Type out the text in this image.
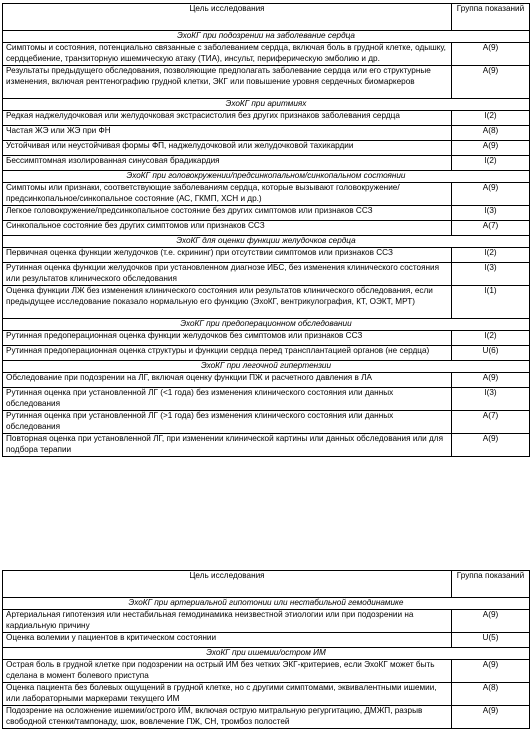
Цель исследования	Группа показаний
ЭхоКГ при подозрении на заболевание сердца	
Симптомы и состояния, потенциально связанные с заболеванием сердца, включая боль в грудной клетке, одышку, сердцебиение, транзиторную ишемическую атаку (ТИА), инсульт, периферическую эмболию и др.	A(9)
Результаты предыдущего обследования, позволяющие предполагать заболевание сердца или его структурные изменения, включая рентгенографию грудной клетки, ЭКГ или повышение уровня сердечных биомаркеров	A(9)
ЭхоКГ при аритмиях	
Редкая наджелудочковая или желудочковая экстрасистолия без других признаков заболевания сердца	I(2)
Частая ЖЭ или ЖЭ при ФН	A(8)
Устойчивая или неустойчивая формы ФП, наджелудочковой или желудочковой тахикардии	A(9)
Бессимптомная изолированная синусовая брадикардия	I(2)
ЭхоКГ при головокружении/предсинкопальном/синкопальном состоянии	
Симптомы или признаки, соответствующие заболеваниям сердца, которые вызывают головокружение/предсинкопальное/синкопальное состояние (АС, ГКМП, ХСН и др.)	A(9)
Легкое головокружение/предсинкопальное состояние без других симптомов или признаков ССЗ	I(3)
Синкопальное состояние без других симптомов или признаков ССЗ	A(7)
ЭхоКГ для оценки функции желудочков сердца	
Первичная оценка функции желудочков (т.е. скрининг) при отсутствии симптомов или признаков ССЗ	I(2)
Рутинная оценка функции желудочков при установленном диагнозе ИБС, без изменения клинического состояния или результатов клинического обследования	I(3)
Оценка функции ЛЖ без изменения клинического состояния или результатов клинического обследования, если предыдущее исследование показало нормальную его функцию (ЭхоКГ, вентрикулография, КТ, ОЭКТ, МРТ)	I(1)
ЭхоКГ при предоперационном обследовании	
Рутинная предоперационная оценка функции желудочков без симптомов или признаков ССЗ	I(2)
Рутинная предоперационная оценка структуры и функции сердца перед трансплантацией органов (не сердца)	U(6)
ЭхоКГ при легочной гипертензии	
Обследование при подозрении на ЛГ, включая оценку функции ПЖ и расчетного давления в ЛА	A(9)
Рутинная оценка при установленной ЛГ (<1 года) без изменения клинического состояния или данных обследования	I(3)
Рутинная оценка при установленной ЛГ (>1 года) без изменения клинического состояния или данных обследования	A(7)
Повторная оценка при установленной ЛГ, при изменении клинической картины или данных обследования или для подбора терапии	A(9)
Цель исследования	Группа показаний
ЭхоКГ при артериальной гипотонии или нестабильной гемодинамике	
Артериальная гипотензия или нестабильная гемодинамика неизвестной этиологии или при подозрении на кардиальную причину	A(9)
Оценка волемии у пациентов в критическом состоянии	U(5)
ЭхоКГ при ишемии/остром ИМ	
Острая боль в грудной клетке при подозрении на острый ИМ без четких ЭКГ-критериев, если ЭхоКГ может быть сделана в момент болевого приступа	A(9)
Оценка пациента без болевых ощущений в грудной клетке, но с другими симптомами, эквивалентными ишемии, или лабораторными маркерами текущего ИМ	A(8)
Подозрение на осложнение ишемии/острого ИМ, включая острую митральную регургитацию, ДМЖП, разрыв свободной стенки/тампонаду, шок, вовлечение ПЖ, СН, тромбоз полостей	A(9)
